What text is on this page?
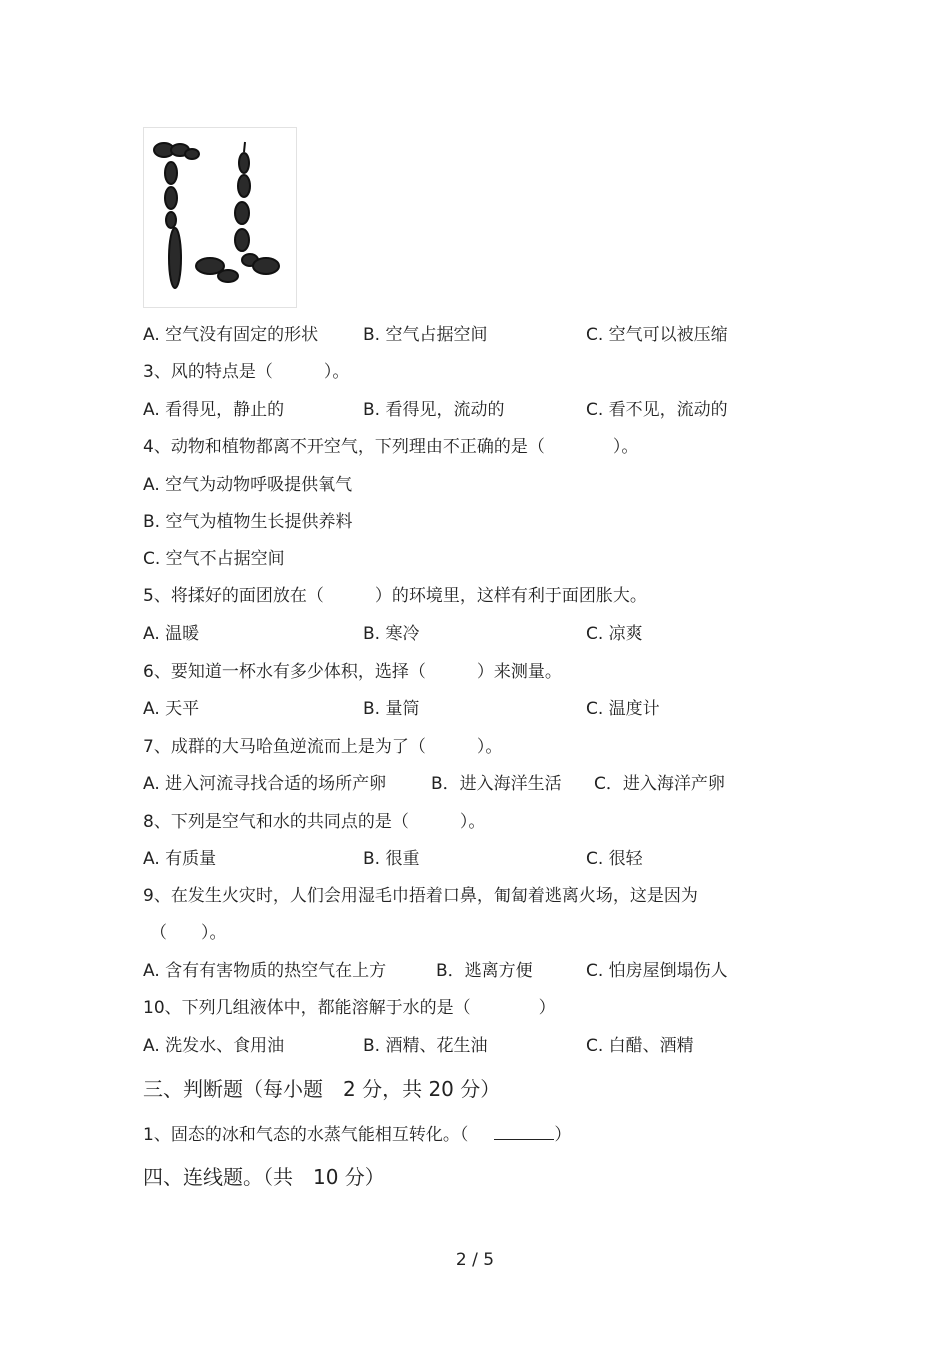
A. 空气没有固定的形状	B. 空气占据空间	C. 空气可以被压缩
3、风的特点是（　　　）。
A. 看得见，静止的	B. 看得见，流动的	C. 看不见，流动的
4、动物和植物都离不开空气，下列理由不正确的是（　　　　）。
A. 空气为动物呼吸提供氧气
B. 空气为植物生长提供养料
C. 空气不占据空间
5、将揉好的面团放在（　　　）的环境里，这样有利于面团胀大。
A. 温暖	B. 寒冷	C. 凉爽
6、要知道一杯水有多少体积，选择（　　　）来测量。
A. 天平	B. 量筒	C. 温度计
7、成群的大马哈鱼逆流而上是为了（　　　）。
A. 进入河流寻找合适的场所产卵	B．进入海洋生活 C．进入海洋产卵
8、下列是空气和水的共同点的是（　　　）。
A. 有质量	B. 很重	C. 很轻
9、在发生火灾时，人们会用湿毛巾捂着口鼻，匍匐着逃离火场，这是因为
（　　）。
A. 含有有害物质的热空气在上方	B．逃离方便	C. 怕房屋倒塌伤人
10、下列几组液体中，都能溶解于水的是（　　　　）
A. 洗发水、食用油	B. 酒精、花生油	C. 白醋、酒精
三、判断题（每小题　2 分，共 20 分）
1、固态的冰和气态的水蒸气能相互转化。（	）
四、连线题。（共　10 分）
2 / 5
